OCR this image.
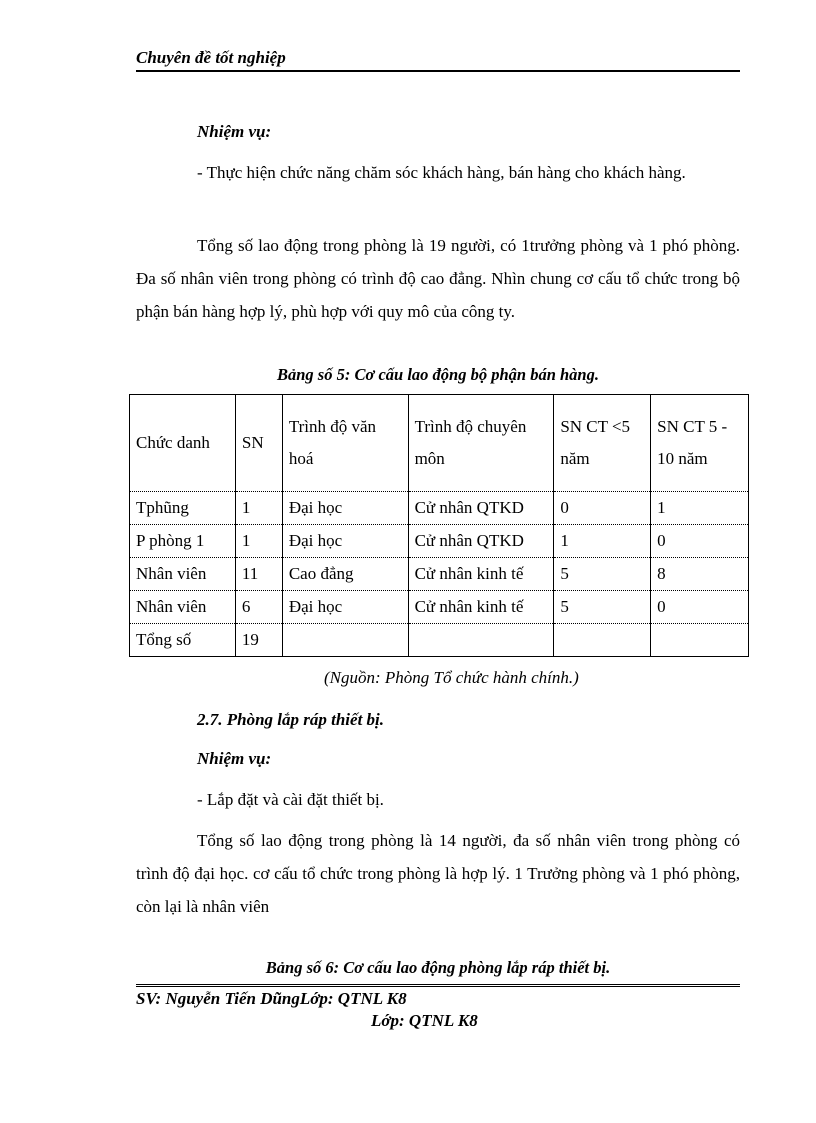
Chuyên đề tốt nghiệp
Nhiệm vụ:

- Thực hiện chức năng chăm sóc khách hàng, bán hàng cho khách hàng.

Tổng số lao động trong phòng là 19 người, có 1trưởng phòng và 1 phó phòng. Đa số nhân viên trong phòng có trình độ cao đẳng. Nhìn chung cơ cấu tổ chức trong bộ phận bán hàng hợp lý, phù hợp với quy mô của công ty.

Bảng số 5: Cơ cấu lao động bộ phận bán hàng.
Chức danh	SN	Trình độ văn hoá	Trình độ chuyên môn	SN CT <5 năm	SN CT 5 - 10 năm
Tphũng	1	Đại học	Cử nhân QTKD	0	1
P phòng 1	1	Đại học	Cử nhân QTKD	1	0
Nhân viên	11	Cao đẳng	Cử nhân kinh tế	5	8
Nhân viên	6	Đại học	Cử nhân kinh tế	5	0
Tổng số	19				
(Nguồn: Phòng Tổ chức hành chính.)
2.7. Phòng lắp ráp thiết bị.
Nhiệm vụ:

- Lắp đặt và cài đặt thiết bị.

Tổng số lao động trong phòng là 14 người, đa số nhân viên trong phòng có trình độ đại học. cơ cấu tổ chức trong phòng là hợp lý. 1 Trưởng phòng và 1 phó phòng, còn lại là nhân viên

Bảng số 6: Cơ cấu lao động phòng lắp ráp thiết bị.
SV: Nguyễn Tiến DũngLớp: QTNL K8
Lớp: QTNL K8
